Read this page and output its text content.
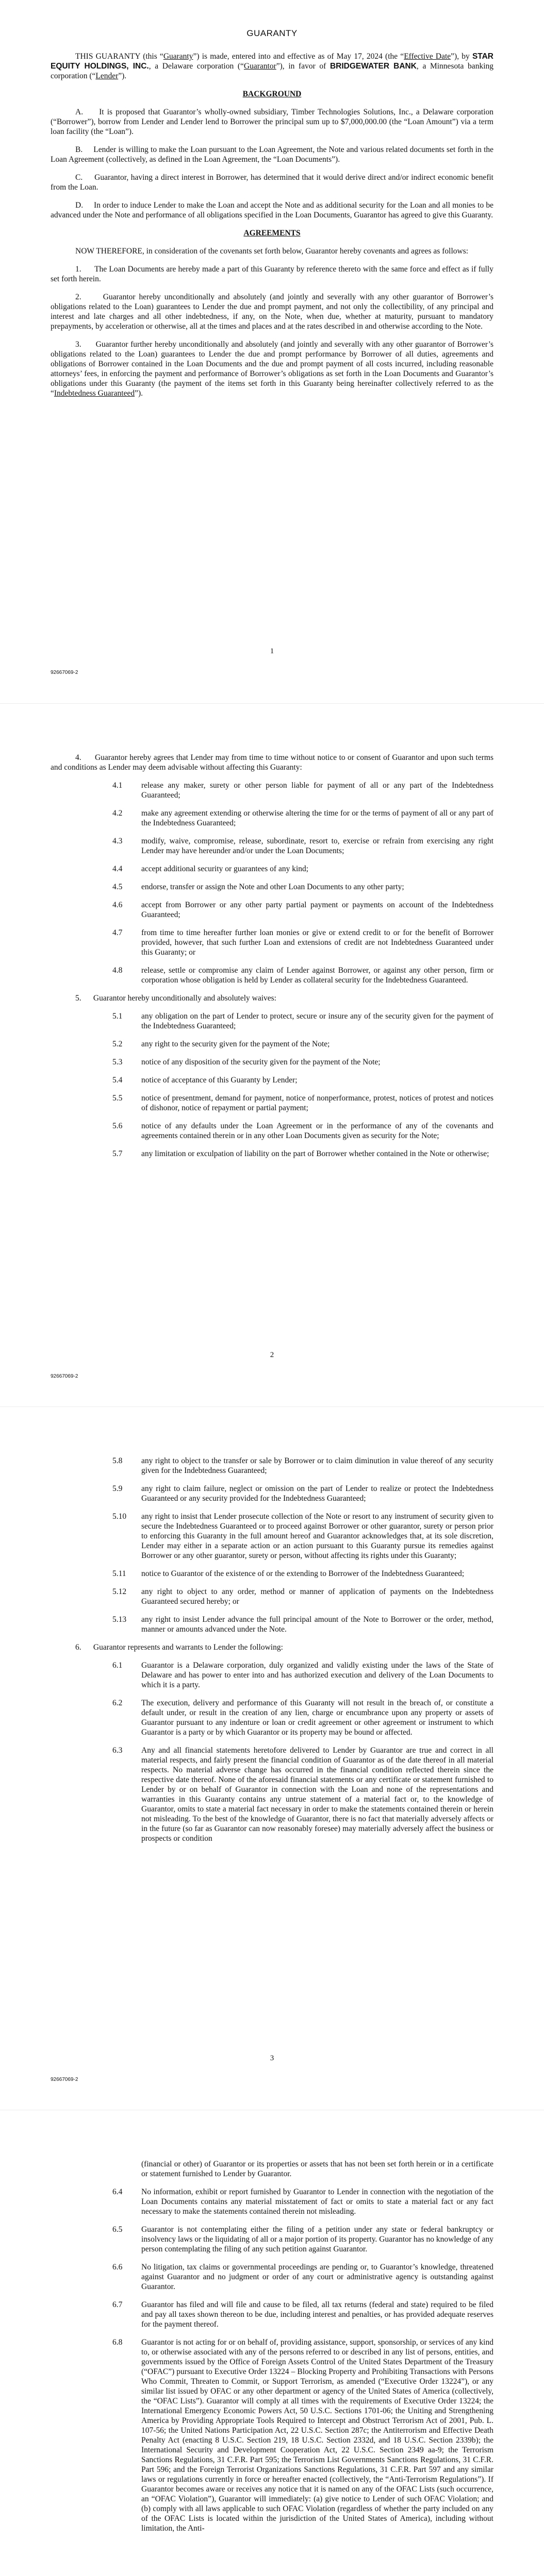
GUARANTY

THIS GUARANTY (this “Guaranty”) is made, entered into and effective as of May 17, 2024 (the “Effective Date”), by STAR EQUITY HOLDINGS, INC., a Delaware corporation (“Guarantor”), in favor of BRIDGEWATER BANK, a Minnesota banking corporation (“Lender”).

BACKGROUND

A. It is proposed that Guarantor’s wholly-owned subsidiary, Timber Technologies Solutions, Inc., a Delaware corporation (“Borrower”), borrow from Lender and Lender lend to Borrower the principal sum up to $7,000,000.00 (the “Loan Amount”) via a term loan facility (the “Loan”).

B. Lender is willing to make the Loan pursuant to the Loan Agreement, the Note and various related documents set forth in the Loan Agreement (collectively, as defined in the Loan Agreement, the “Loan Documents”).

C. Guarantor, having a direct interest in Borrower, has determined that it would derive direct and/or indirect economic benefit from the Loan.

D. In order to induce Lender to make the Loan and accept the Note and as additional security for the Loan and all monies to be advanced under the Note and performance of all obligations specified in the Loan Documents, Guarantor has agreed to give this Guaranty.

AGREEMENTS

NOW THEREFORE, in consideration of the covenants set forth below, Guarantor hereby covenants and agrees as follows:

1.      The Loan Documents are hereby made a part of this Guaranty by reference thereto with the same force and effect as if fully set forth herein.

2.      Guarantor hereby unconditionally and absolutely (and jointly and severally with any other guarantor of Borrower’s obligations related to the Loan) guarantees to Lender the due and prompt payment, and not only the collectibility, of any principal and interest and late charges and all other indebtedness, if any, on the Note, when due, whether at maturity, pursuant to mandatory prepayments, by acceleration or otherwise, all at the times and places and at the rates described in and otherwise according to the Note.

3.      Guarantor further hereby unconditionally and absolutely (and jointly and severally with any other guarantor of Borrower’s obligations related to the Loan) guarantees to Lender the due and prompt performance by Borrower of all duties, agreements and obligations of Borrower contained in the Loan Documents and the due and prompt payment of all costs incurred, including reasonable attorneys’ fees, in enforcing the payment and performance of Borrower’s obligations as set forth in the Loan Documents and Guarantor’s obligations under this Guaranty (the payment of the items set forth in this Guaranty being hereinafter collectively referred to as the “Indebtedness Guaranteed”).

1
92667069-2

4.      Guarantor hereby agrees that Lender may from time to time without notice to or consent of Guarantor and upon such terms and conditions as Lender may deem advisable without affecting this Guaranty:

4.1	release any maker, surety or other person liable for payment of all or any part of the Indebtedness Guaranteed;
4.2	make any agreement extending or otherwise altering the time for or the terms of payment of all or any part of the Indebtedness Guaranteed;
4.3	modify, waive, compromise, release, subordinate, resort to, exercise or refrain from exercising any right Lender may have hereunder and/or under the Loan Documents;
4.4	accept additional security or guarantees of any kind;
4.5	endorse, transfer or assign the Note and other Loan Documents to any other party;
4.6	accept from Borrower or any other party partial payment or payments on account of the Indebtedness Guaranteed;
4.7	from time to time hereafter further loan monies or give or extend credit to or for the benefit of Borrower provided, however, that such further Loan and extensions of credit are not Indebtedness Guaranteed under this Guaranty; or
4.8	release, settle or compromise any claim of Lender against Borrower, or against any other person, firm or corporation whose obligation is held by Lender as collateral security for the Indebtedness Guaranteed.

5.      Guarantor hereby unconditionally and absolutely waives:

5.1	any obligation on the part of Lender to protect, secure or insure any of the security given for the payment of the Indebtedness Guaranteed;
5.2	any right to the security given for the payment of the Note;
5.3	notice of any disposition of the security given for the payment of the Note;
5.4	notice of acceptance of this Guaranty by Lender;
5.5	notice of presentment, demand for payment, notice of nonperformance, protest, notices of protest and notices of dishonor, notice of repayment or partial payment;
5.6	notice of any defaults under the Loan Agreement or in the performance of any of the covenants and agreements contained therein or in any other Loan Documents given as security for the Note;
5.7	any limitation or exculpation of liability on the part of Borrower whether contained in the Note or otherwise;
2
92667069-2
5.8	any right to object to the transfer or sale by Borrower or to claim diminution in value thereof of any security given for the Indebtedness Guaranteed;
5.9	any right to claim failure, neglect or omission on the part of Lender to realize or protect the Indebtedness Guaranteed or any security provided for the Indebtedness Guaranteed;
5.10	any right to insist that Lender prosecute collection of the Note or resort to any instrument of security given to secure the Indebtedness Guaranteed or to proceed against Borrower or other guarantor, surety or person prior to enforcing this Guaranty in the full amount hereof and Guarantor acknowledges that, at its sole discretion, Lender may either in a separate action or an action pursuant to this Guaranty pursue its remedies against Borrower or any other guarantor, surety or person, without affecting its rights under this Guaranty;
5.11	notice to Guarantor of the existence of or the extending to Borrower of the Indebtedness Guaranteed;
5.12	any right to object to any order, method or manner of application of payments on the Indebtedness Guaranteed secured hereby; or
5.13	any right to insist Lender advance the full principal amount of the Note to Borrower or the order, method, manner or amounts advanced under the Note.

6.      Guarantor represents and warrants to Lender the following:

6.1	Guarantor is a Delaware corporation, duly organized and validly existing under the laws of the State of Delaware and has power to enter into and has authorized execution and delivery of the Loan Documents to which it is a party.
6.2	The execution, delivery and performance of this Guaranty will not result in the breach of, or constitute a default under, or result in the creation of any lien, charge or encumbrance upon any property or assets of Guarantor pursuant to any indenture or loan or credit agreement or other agreement or instrument to which Guarantor is a party or by which Guarantor or its property may be bound or affected.
6.3	Any and all financial statements heretofore delivered to Lender by Guarantor are true and correct in all material respects, and fairly present the financial condition of Guarantor as of the date thereof in all material respects. No material adverse change has occurred in the financial condition reflected therein since the respective date thereof. None of the aforesaid financial statements or any certificate or statement furnished to Lender by or on behalf of Guarantor in connection with the Loan and none of the representations and warranties in this Guaranty contains any untrue statement of a material fact or, to the knowledge of Guarantor, omits to state a material fact necessary in order to make the statements contained therein or herein not misleading. To the best of the knowledge of Guarantor, there is no fact that materially adversely affects or in the future (so far as Guarantor can now reasonably foresee) may materially adversely affect the business or prospects or condition
3
92667069-2
(financial or other) of Guarantor or its properties or assets that has not been set forth herein or in a certificate or statement furnished to Lender by Guarantor.
6.4	No information, exhibit or report furnished by Guarantor to Lender in connection with the negotiation of the Loan Documents contains any material misstatement of fact or omits to state a material fact or any fact necessary to make the statements contained therein not misleading.
6.5	Guarantor is not contemplating either the filing of a petition under any state or federal bankruptcy or insolvency laws or the liquidating of all or a major portion of its property. Guarantor has no knowledge of any person contemplating the filing of any such petition against Guarantor.
6.6	No litigation, tax claims or governmental proceedings are pending or, to Guarantor’s knowledge, threatened against Guarantor and no judgment or order of any court or administrative agency is outstanding against Guarantor.
6.7	Guarantor has filed and will file and cause to be filed, all tax returns (federal and state) required to be filed and pay all taxes shown thereon to be due, including interest and penalties, or has provided adequate reserves for the payment thereof.
6.8	Guarantor is not acting for or on behalf of, providing assistance, support, sponsorship, or services of any kind to, or otherwise associated with any of the persons referred to or described in any list of persons, entities, and governments issued by the Office of Foreign Assets Control of the United States Department of the Treasury (“OFAC”) pursuant to Executive Order 13224 – Blocking Property and Prohibiting Transactions with Persons Who Commit, Threaten to Commit, or Support Terrorism, as amended (“Executive Order 13224”), or any similar list issued by OFAC or any other department or agency of the United States of America (collectively, the “OFAC Lists”). Guarantor will comply at all times with the requirements of Executive Order 13224; the International Emergency Economic Powers Act, 50 U.S.C. Sections 1701-06; the Uniting and Strengthening America by Providing Appropriate Tools Required to Intercept and Obstruct Terrorism Act of 2001, Pub. L. 107-56; the United Nations Participation Act, 22 U.S.C. Section 287c; the Antiterrorism and Effective Death Penalty Act (enacting 8 U.S.C. Section 219, 18 U.S.C. Section 2332d, and 18 U.S.C. Section 2339b); the International Security and Development Cooperation Act, 22 U.S.C. Section 2349 aa-9; the Terrorism Sanctions Regulations, 31 C.F.R. Part 595; the Terrorism List Governments Sanctions Regulations, 31 C.F.R. Part 596; and the Foreign Terrorist Organizations Sanctions Regulations, 31 C.F.R. Part 597 and any similar laws or regulations currently in force or hereafter enacted (collectively, the “Anti-Terrorism Regulations”). If Guarantor becomes aware or receives any notice that it is named on any of the OFAC Lists (such occurrence, an “OFAC Violation”), Guarantor will immediately: (a) give notice to Lender of such OFAC Violation; and (b) comply with all laws applicable to such OFAC Violation (regardless of whether the party included on any of the OFAC Lists is located within the jurisdiction of the United States of America), including without limitation, the Anti-
